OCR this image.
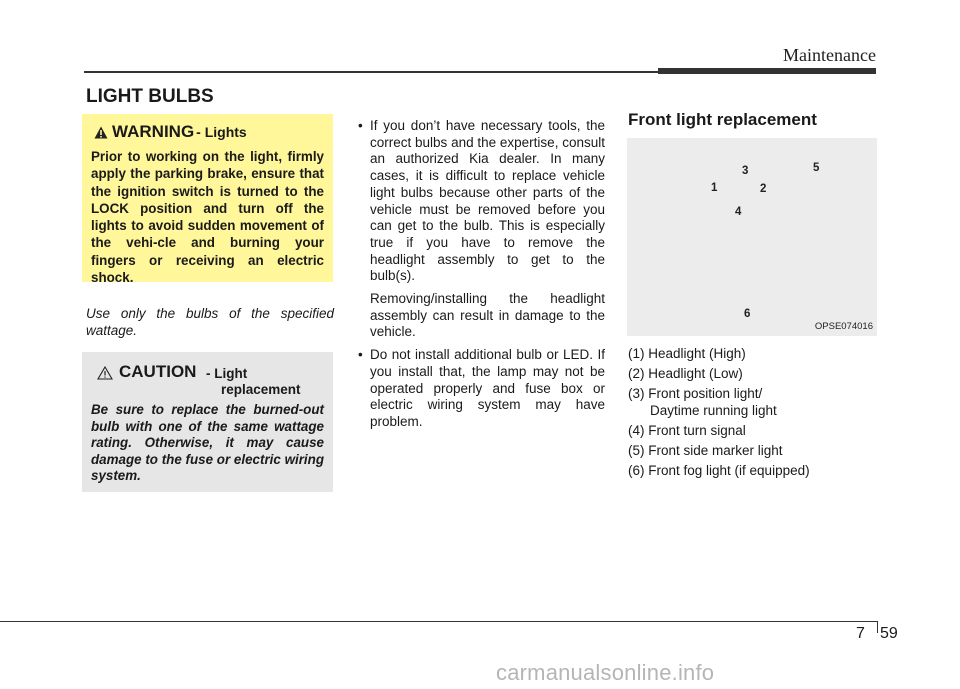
Maintenance
LIGHT BULBS
WARNING - Lights
Prior to working on the light, firmly apply the parking brake, ensure that the ignition switch is turned to the LOCK position and turn off the lights to avoid sudden movement of the vehi-cle and burning your fingers or receiving an electric shock.
Use only the bulbs of the specified wattage.
CAUTION - Light
replacement
Be sure to replace the burned-out bulb with one of the same wattage rating. Otherwise, it may cause damage to the fuse or electric wiring system.

• If you don’t have necessary tools, the correct bulbs and the expertise, consult an authorized Kia dealer. In many cases, it is difficult to replace vehicle light bulbs because other parts of the vehicle must be removed before you can get to the bulb. This is especially true if you have to remove the headlight assembly to get to the bulb(s).

Removing/installing the headlight assembly can result in damage to the vehicle.

• Do not install additional bulb or LED. If you install that, the lamp may not be operated properly and fuse box or electric wiring system may have problem.

Front light replacement
3	5
1	2
4
6
OPSE074016
(1) Headlight (High)
(2) Headlight (Low)
(3) Front position light/
Daytime running light
(4) Front turn signal
(5) Front side marker light
(6) Front fog light (if equipped)
7 59
carmanualsonline.info
